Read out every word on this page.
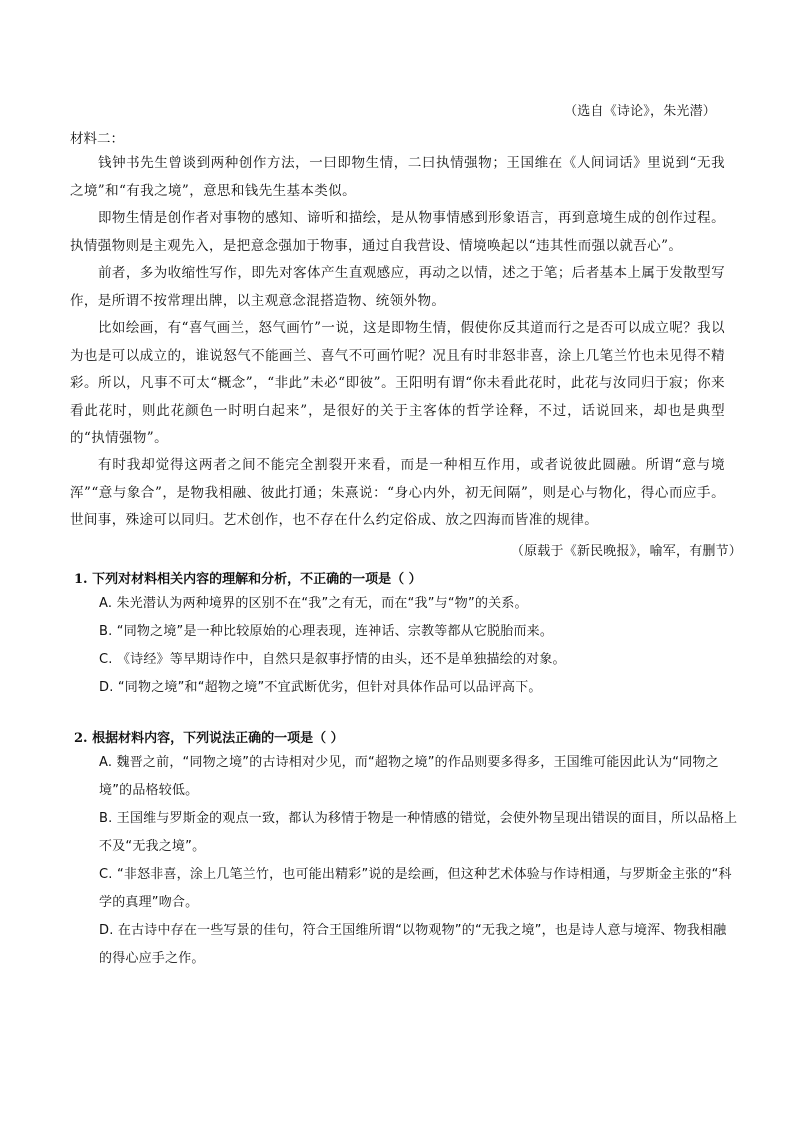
（选自《诗论》，朱光潜）
材料二：

钱钟书先生曾谈到两种创作方法，一曰即物生情，二曰执情强物；王国维在《人间词话》里说到“无我之境”和“有我之境”，意思和钱先生基本类似。

即物生情是创作者对事物的感知、谛听和描绘，是从物事情感到形象语言，再到意境生成的创作过程。执情强物则是主观先入，是把意念强加于物事，通过自我营设、情境唤起以“违其性而强以就吾心”。

前者，多为收缩性写作，即先对客体产生直观感应，再动之以情，述之于笔；后者基本上属于发散型写作，是所谓不按常理出牌，以主观意念混搭造物、统领外物。

比如绘画，有“喜气画兰，怒气画竹”一说，这是即物生情，假使你反其道而行之是否可以成立呢？我以为也是可以成立的，谁说怒气不能画兰、喜气不可画竹呢？况且有时非怒非喜，涂上几笔兰竹也未见得不精彩。所以，凡事不可太“概念”，“非此”未必“即彼”。王阳明有谓“你未看此花时，此花与汝同归于寂；你来看此花时，则此花颜色一时明白起来”，是很好的关于主客体的哲学诠释，不过，话说回来，却也是典型的“执情强物”。

有时我却觉得这两者之间不能完全割裂开来看，而是一种相互作用，或者说彼此圆融。所谓“意与境浑”“意与象合”，是物我相融、彼此打通；朱熹说：“身心内外，初无间隔”，则是心与物化，得心而应手。世间事，殊途可以同归。艺术创作，也不存在什么约定俗成、放之四海而皆准的规律。

（原载于《新民晚报》，喻军，有删节）
1. 下列对材料相关内容的理解和分析，不正确的一项是（ ）

A. 朱光潜认为两种境界的区别不在“我”之有无，而在“我”与“物”的关系。

B. “同物之境”是一种比较原始的心理表现，连神话、宗教等都从它脱胎而来。

C. 《诗经》等早期诗作中，自然只是叙事抒情的由头，还不是单独描绘的对象。

D. “同物之境”和“超物之境”不宜武断优劣，但针对具体作品可以品评高下。

2. 根据材料内容，下列说法正确的一项是（ ）

A. 魏晋之前，“同物之境”的古诗相对少见，而“超物之境”的作品则要多得多，王国维可能因此认为“同物之境”的品格较低。

B. 王国维与罗斯金的观点一致，都认为移情于物是一种情感的错觉，会使外物呈现出错误的面目，所以品格上不及“无我之境”。

C. “非怒非喜，涂上几笔兰竹，也可能出精彩”说的是绘画，但这种艺术体验与作诗相通，与罗斯金主张的“科学的真理”吻合。

D. 在古诗中存在一些写景的佳句，符合王国维所谓“以物观物”的“无我之境”，也是诗人意与境浑、物我相融的得心应手之作。
